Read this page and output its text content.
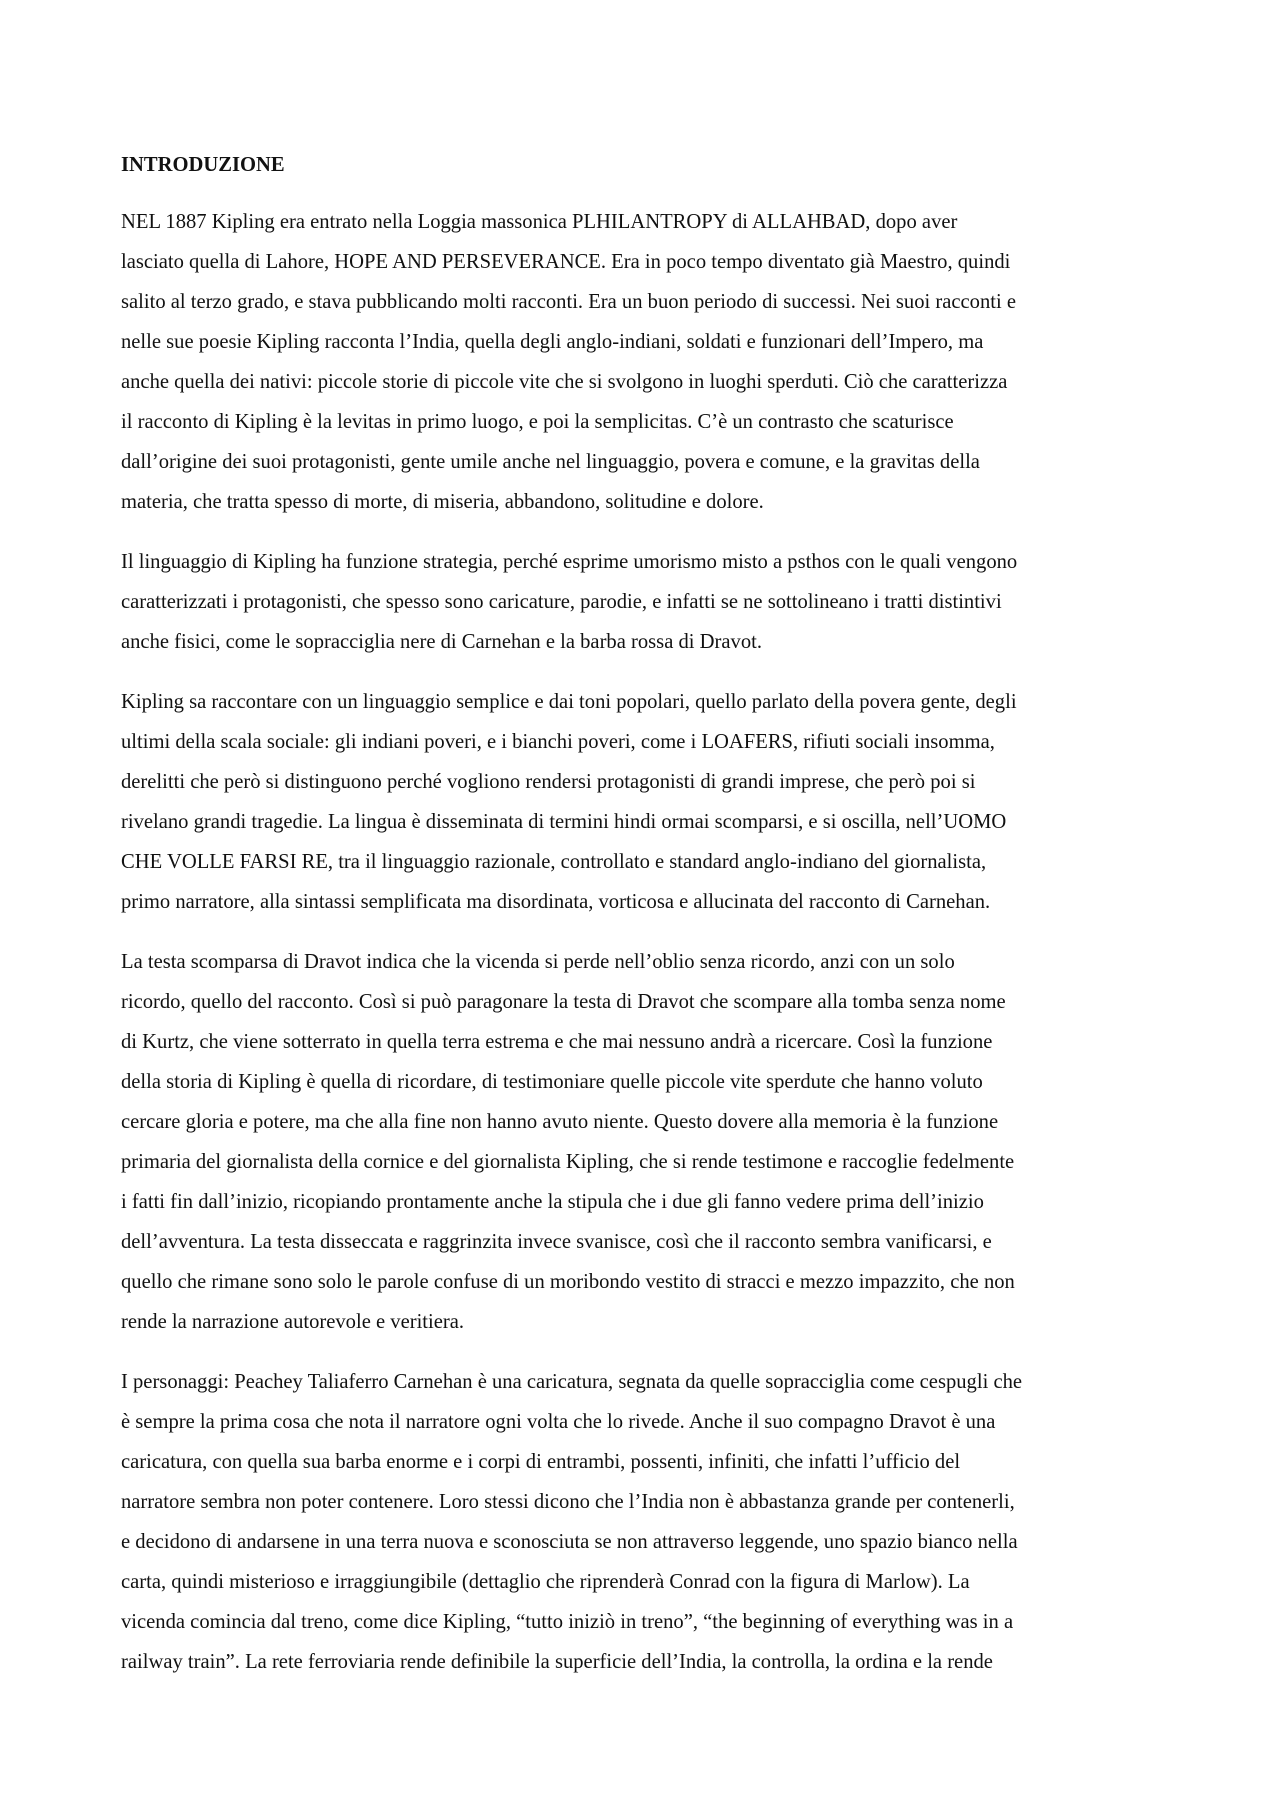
INTRODUZIONE

NEL 1887 Kipling era entrato nella Loggia massonica PLHILANTROPY di ALLAHBAD, dopo aver
lasciato quella di Lahore, HOPE AND PERSEVERANCE. Era in poco tempo diventato già Maestro, quindi
salito al terzo grado, e stava pubblicando molti racconti. Era un buon periodo di successi. Nei suoi racconti e
nelle sue poesie Kipling racconta l’India, quella degli anglo-indiani, soldati e funzionari dell’Impero, ma
anche quella dei nativi: piccole storie di piccole vite che si svolgono in luoghi sperduti. Ciò che caratterizza
il racconto di Kipling è la levitas in primo luogo, e poi la semplicitas. C’è un contrasto che scaturisce
dall’origine dei suoi protagonisti, gente umile anche nel linguaggio, povera e comune, e la gravitas della
materia, che tratta spesso di morte, di miseria, abbandono, solitudine e dolore.

Il linguaggio di Kipling ha funzione strategia, perché esprime umorismo misto a psthos con le quali vengono
caratterizzati i protagonisti, che spesso sono caricature, parodie, e infatti se ne sottolineano i tratti distintivi
anche fisici, come le sopracciglia nere di Carnehan e la barba rossa di Dravot.

Kipling sa raccontare con un linguaggio semplice e dai toni popolari, quello parlato della povera gente, degli
ultimi della scala sociale: gli indiani poveri, e i bianchi poveri, come i LOAFERS, rifiuti sociali insomma,
derelitti che però si distinguono perché vogliono rendersi protagonisti di grandi imprese, che però poi si
rivelano grandi tragedie. La lingua è disseminata di termini hindi ormai scomparsi, e si oscilla, nell’UOMO
CHE VOLLE FARSI RE, tra il linguaggio razionale, controllato e standard anglo-indiano del giornalista,
primo narratore, alla sintassi semplificata ma disordinata, vorticosa e allucinata del racconto di Carnehan.

La testa scomparsa di Dravot indica che la vicenda si perde nell’oblio senza ricordo, anzi con un solo
ricordo, quello del racconto. Così si può paragonare la testa di Dravot che scompare alla tomba senza nome
di Kurtz, che viene sotterrato in quella terra estrema e che mai nessuno andrà a ricercare. Così la funzione
della storia di Kipling è quella di ricordare, di testimoniare quelle piccole vite sperdute che hanno voluto
cercare gloria e potere, ma che alla fine non hanno avuto niente. Questo dovere alla memoria è la funzione
primaria del giornalista della cornice e del giornalista Kipling, che si rende testimone e raccoglie fedelmente
i fatti fin dall’inizio, ricopiando prontamente anche la stipula che i due gli fanno vedere prima dell’inizio
dell’avventura. La testa disseccata e raggrinzita invece svanisce, così che il racconto sembra vanificarsi, e
quello che rimane sono solo le parole confuse di un moribondo vestito di stracci e mezzo impazzito, che non
rende la narrazione autorevole e veritiera.

I personaggi: Peachey Taliaferro Carnehan è una caricatura, segnata da quelle sopracciglia come cespugli che
è sempre la prima cosa che nota il narratore ogni volta che lo rivede. Anche il suo compagno Dravot è una
caricatura, con quella sua barba enorme e i corpi di entrambi, possenti, infiniti, che infatti l’ufficio del
narratore sembra non poter contenere. Loro stessi dicono che l’India non è abbastanza grande per contenerli,
e decidono di andarsene in una terra nuova e sconosciuta se non attraverso leggende, uno spazio bianco nella
carta, quindi misterioso e irraggiungibile (dettaglio che riprenderà Conrad con la figura di Marlow). La
vicenda comincia dal treno, come dice Kipling, “tutto iniziò in treno”, “the beginning of everything was in a
railway train”. La rete ferroviaria rende definibile la superficie dell’India, la controlla, la ordina e la rende
